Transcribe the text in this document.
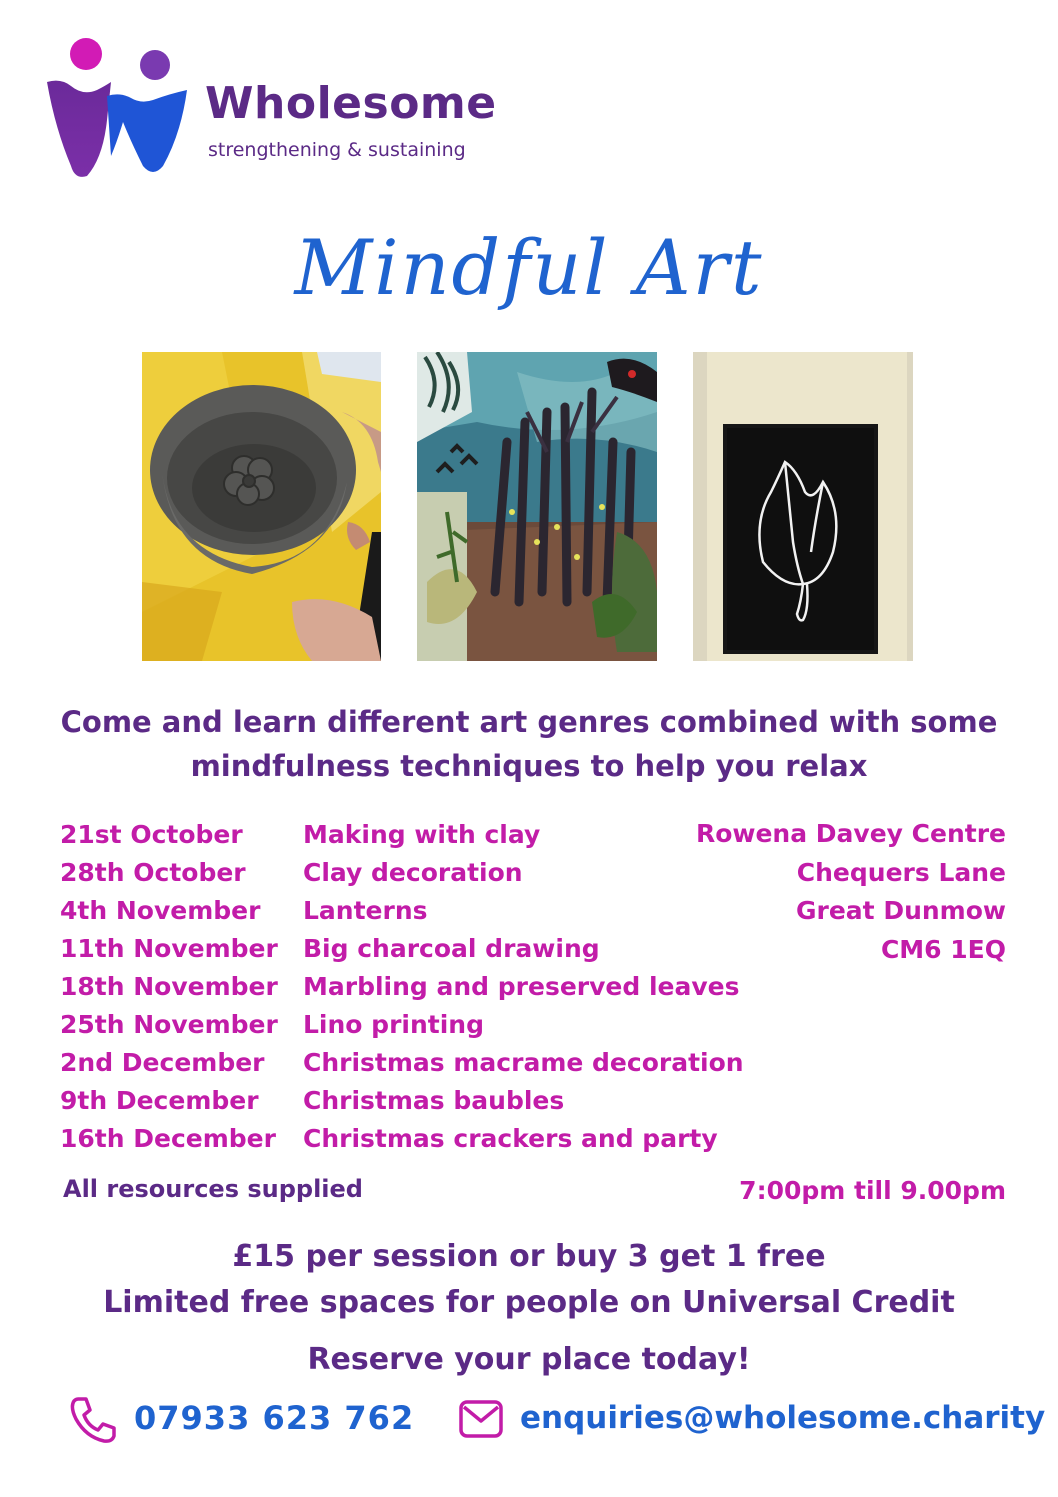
Wholesome
strengthening & sustaining
Mindful Art
Come and learn different art genres combined with some
mindfulness techniques to help you relax
21st October	Making with clay
28th October	Clay decoration
4th November	Lanterns
11th November	Big charcoal drawing
18th November	Marbling and preserved leaves
25th November	Lino printing
2nd December	Christmas macrame decoration
9th December	Christmas baubles
16th December	Christmas crackers and party
Rowena Davey Centre
Chequers Lane
Great Dunmow
CM6 1EQ
All resources supplied	7:00pm till 9.00pm
£15 per session or buy 3 get 1 free
Limited free spaces for people on Universal Credit
Reserve your place today!
07933 623 762	enquiries@wholesome.charity
